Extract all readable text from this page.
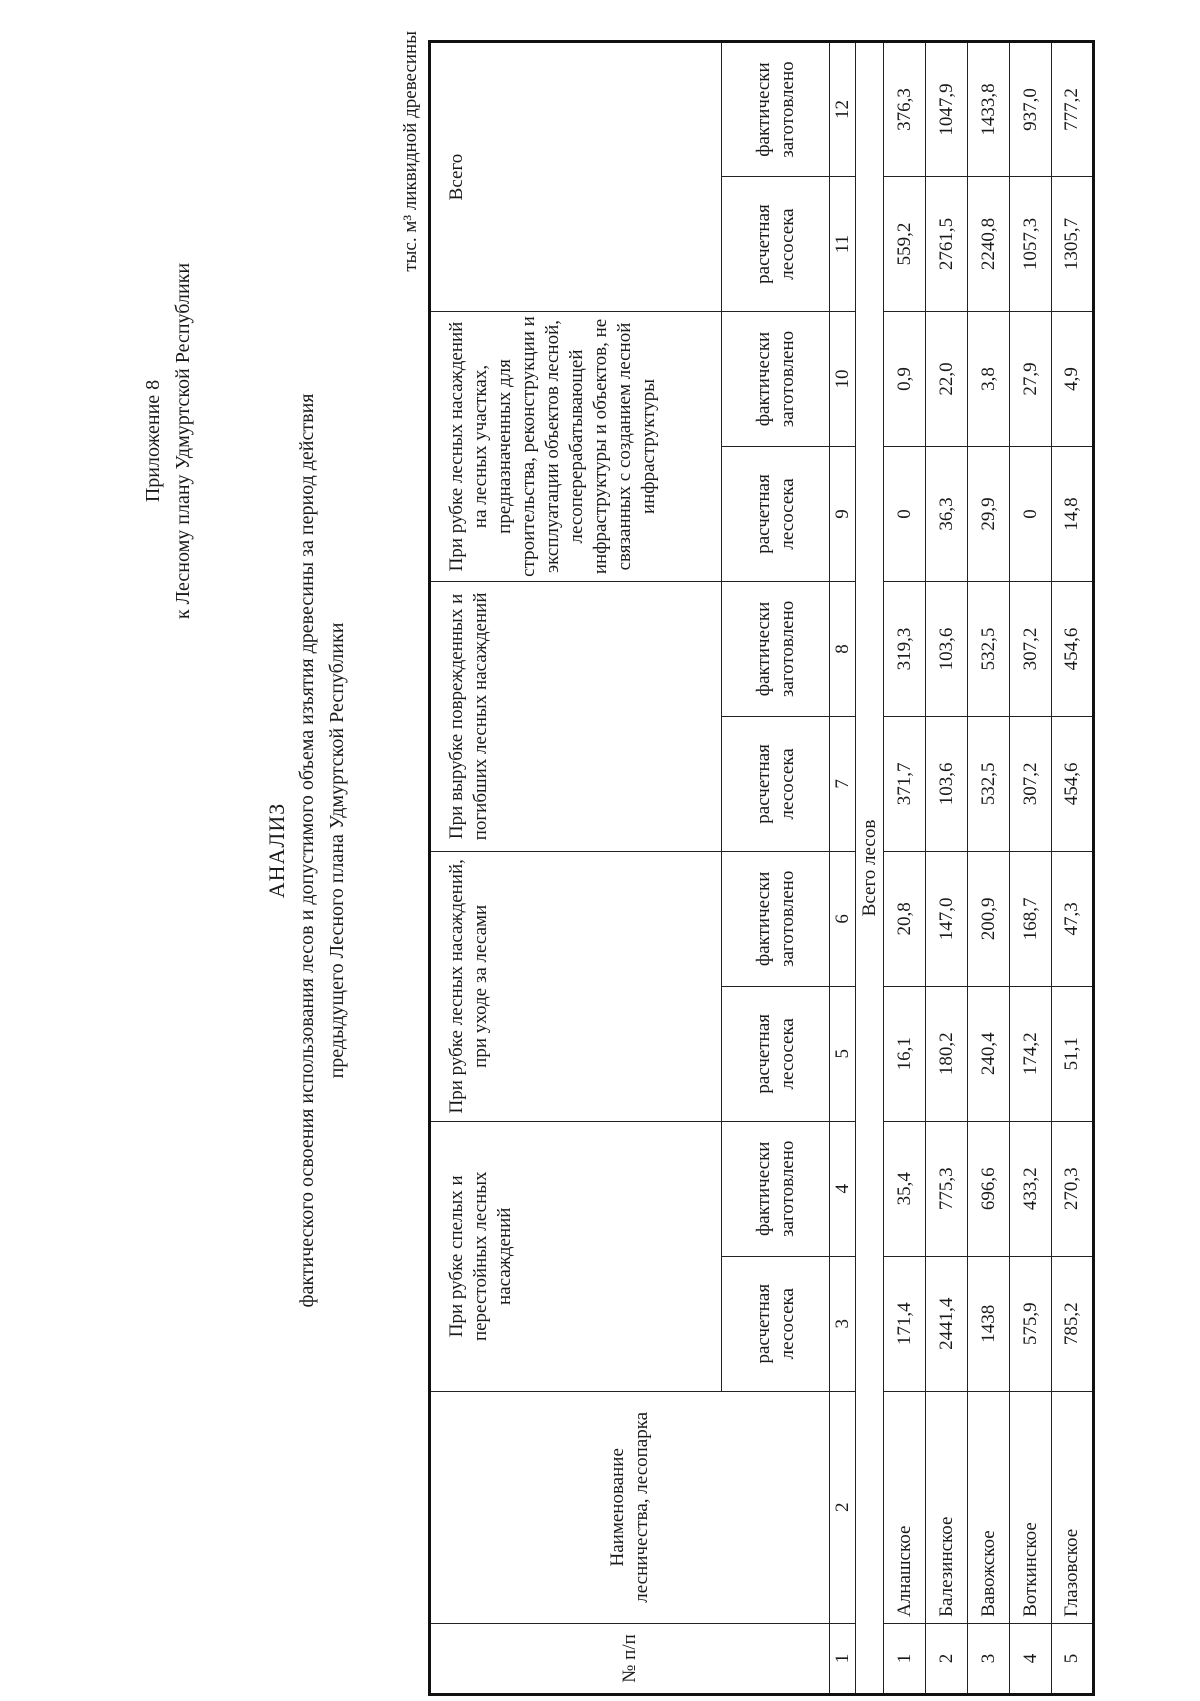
Приложение 8 к Лесному плану Удмуртской Республики
АНАЛИЗ фактического освоения использования лесов и допустимого объема изъятия древесины за период действия предыдущего Лесного плана Удмуртской Республики
тыс. м³ ликвидной древесины
№ п/п	Наименование лесничества, лесопарка	При рубке спелых и перестойных лесных насаждений		При рубке лесных насаждений, при уходе за лесами		При вырубке поврежденных и погибших лесных насаждений		При рубке лесных насаждений на лесных участках, предназначенных для строительства, реконструкции и эксплуатации объектов лесной, лесоперерабатывающей инфраструктуры и объектов, не связанных с созданием лесной инфраструктуры		Всего	
		расчетная лесосека	фактически заготовлено	расчетная лесосека	фактически заготовлено	расчетная лесосека	фактически заготовлено	расчетная лесосека	фактически заготовлено	расчетная лесосека	фактически заготовлено
1	2	3	4	5	6	7	8	9	10	11	12
Всего лесов											
1	Алнашское	171,4	35,4	16,1	20,8	371,7	319,3	0	0,9	559,2	376,3
2	Балезинское	2441,4	775,3	180,2	147,0	103,6	103,6	36,3	22,0	2761,5	1047,9
3	Вавожское	1438	696,6	240,4	200,9	532,5	532,5	29,9	3,8	2240,8	1433,8
4	Воткинское	575,9	433,2	174,2	168,7	307,2	307,2	0	27,9	1057,3	937,0
5	Глазовское	785,2	270,3	51,1	47,3	454,6	454,6	14,8	4,9	1305,7	777,2
